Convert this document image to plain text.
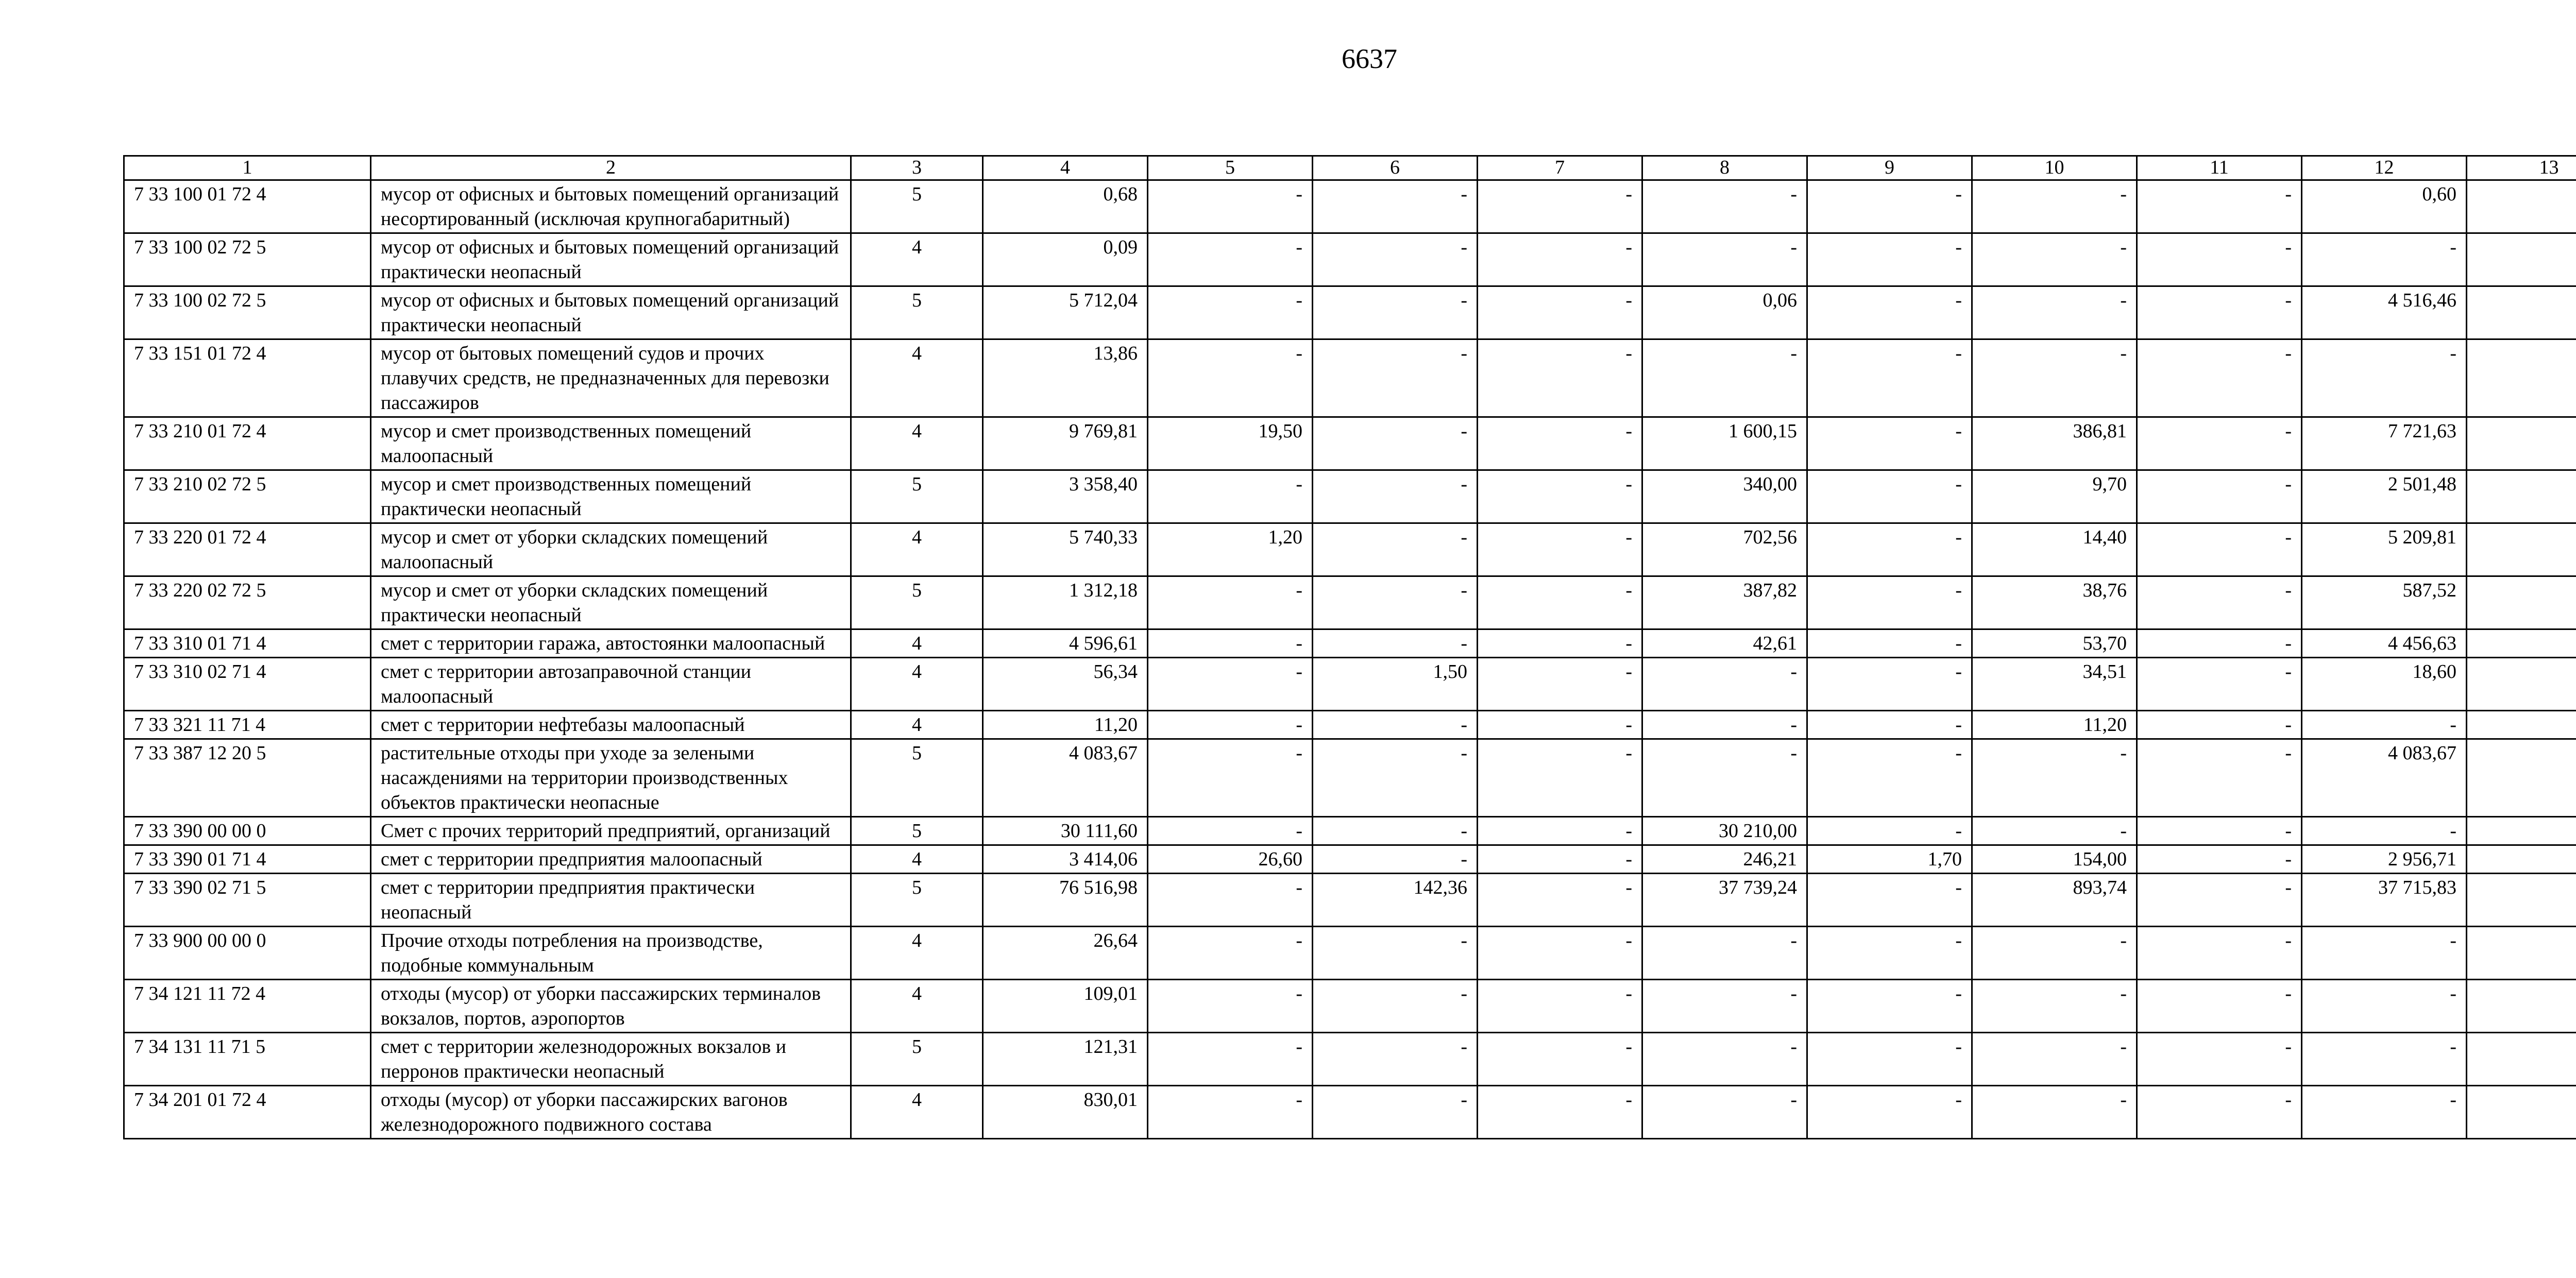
6637
1	2	3	4	5	6	7	8	9	10	11	12	13
7 33 100 01 72 4	мусор от офисных и бытовых помещений организаций несортированный (исключая крупногабаритный)	5	0,68	-	-	-	-	-	-	-	0,60	
7 33 100 02 72 5	мусор от офисных и бытовых помещений организаций практически неопасный	4	0,09	-	-	-	-	-	-	-	-	
7 33 100 02 72 5	мусор от офисных и бытовых помещений организаций практически неопасный	5	5 712,04	-	-	-	0,06	-	-	-	4 516,46	
7 33 151 01 72 4	мусор от бытовых помещений судов и прочих плавучих средств, не предназначенных для перевозки пассажиров	4	13,86	-	-	-	-	-	-	-	-	
7 33 210 01 72 4	мусор и смет производственных помещений малоопасный	4	9 769,81	19,50	-	-	1 600,15	-	386,81	-	7 721,63	
7 33 210 02 72 5	мусор и смет производственных помещений практически неопасный	5	3 358,40	-	-	-	340,00	-	9,70	-	2 501,48	
7 33 220 01 72 4	мусор и смет от уборки складских помещений малоопасный	4	5 740,33	1,20	-	-	702,56	-	14,40	-	5 209,81	
7 33 220 02 72 5	мусор и смет от уборки складских помещений практически неопасный	5	1 312,18	-	-	-	387,82	-	38,76	-	587,52	
7 33 310 01 71 4	смет с территории гаража, автостоянки малоопасный	4	4 596,61	-	-	-	42,61	-	53,70	-	4 456,63	
7 33 310 02 71 4	смет с территории автозаправочной станции малоопасный	4	56,34	-	1,50	-	-	-	34,51	-	18,60	
7 33 321 11 71 4	смет с территории нефтебазы малоопасный	4	11,20	-	-	-	-	-	11,20	-	-	
7 33 387 12 20 5	растительные отходы при уходе за зелеными насаждениями на территории производственных объектов практически неопасные	5	4 083,67	-	-	-	-	-	-	-	4 083,67	
7 33 390 00 00 0	Смет с прочих территорий предприятий, организаций	5	30 111,60	-	-	-	30 210,00	-	-	-	-	
7 33 390 01 71 4	смет с территории предприятия малоопасный	4	3 414,06	26,60	-	-	246,21	1,70	154,00	-	2 956,71	
7 33 390 02 71 5	смет с территории предприятия практически неопасный	5	76 516,98	-	142,36	-	37 739,24	-	893,74	-	37 715,83	
7 33 900 00 00 0	Прочие отходы потребления на производстве, подобные коммунальным	4	26,64	-	-	-	-	-	-	-	-	
7 34 121 11 72 4	отходы (мусор) от уборки пассажирских терминалов вокзалов, портов, аэропортов	4	109,01	-	-	-	-	-	-	-	-	
7 34 131 11 71 5	смет с территории железнодорожных вокзалов и перронов практически неопасный	5	121,31	-	-	-	-	-	-	-	-	
7 34 201 01 72 4	отходы (мусор) от уборки пассажирских вагонов железнодорожного подвижного состава	4	830,01	-	-	-	-	-	-	-	-	
